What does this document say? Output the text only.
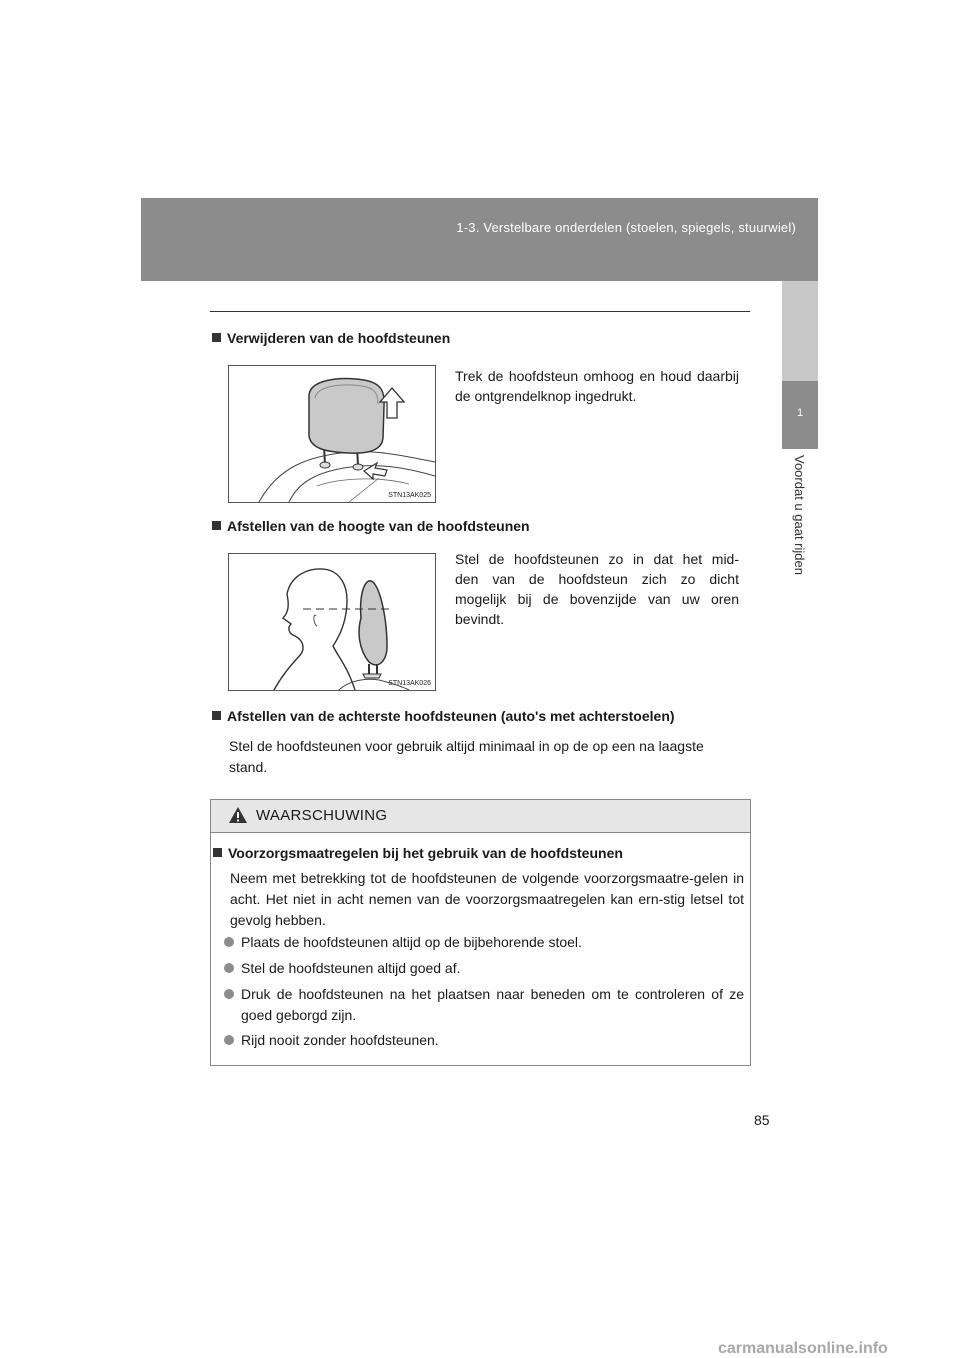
1-3. Verstelbare onderdelen (stoelen, spiegels, stuurwiel)
1
Voordat u gaat rijden
Verwijderen van de hoofdsteunen
STN13AK025
Trek de hoofdsteun omhoog en houd daarbij de ontgrendelknop ingedrukt.
Afstellen van de hoogte van de hoofdsteunen
STN13AK026
Stel de hoofdsteunen zo in dat het mid-
den van de hoofdsteun zich zo dicht
mogelijk bij de bovenzijde van uw oren
bevindt.
Afstellen van de achterste hoofdsteunen (auto's met achterstoelen)
Stel de hoofdsteunen voor gebruik altijd minimaal in op de op een na laagste stand.
WAARSCHUWING
Voorzorgsmaatregelen bij het gebruik van de hoofdsteunen
Neem met betrekking tot de hoofdsteunen de volgende voorzorgsmaatre-gelen in acht. Het niet in acht nemen van de voorzorgsmaatregelen kan ern-stig letsel tot gevolg hebben.
Plaats de hoofdsteunen altijd op de bijbehorende stoel.
Stel de hoofdsteunen altijd goed af.
Druk de hoofdsteunen na het plaatsen naar beneden om te controleren of ze goed geborgd zijn.
Rijd nooit zonder hoofdsteunen.
85
carmanualsonline.info
